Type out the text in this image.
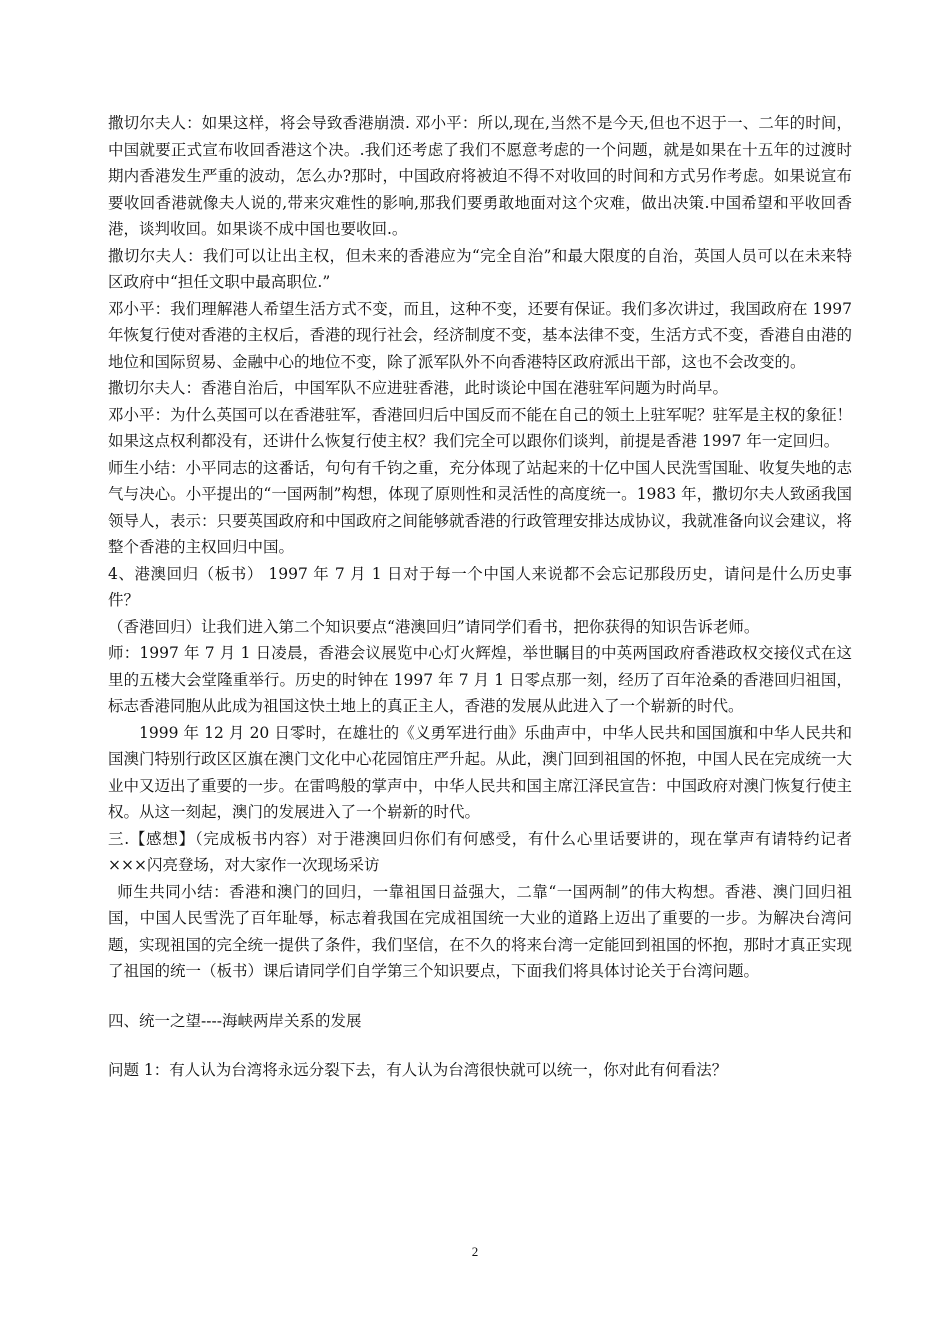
撒切尔夫人：如果这样，将会导致香港崩溃. 邓小平：所以,现在,当然不是今天,但也不迟于一、二年的时间，中国就要正式宣布收回香港这个决。.我们还考虑了我们不愿意考虑的一个问题，就是如果在十五年的过渡时期内香港发生严重的波动，怎么办?那时，中国政府将被迫不得不对收回的时间和方式另作考虑。如果说宣布要收回香港就像夫人说的,带来灾难性的影响,那我们要勇敢地面对这个灾难，做出决策.中国希望和平收回香港，谈判收回。如果谈不成中国也要收回.。

撒切尔夫人：我们可以让出主权，但未来的香港应为“完全自治”和最大限度的自治，英国人员可以在未来特区政府中“担任文职中最高职位.”

邓小平：我们理解港人希望生活方式不变，而且，这种不变，还要有保证。我们多次讲过，我国政府在 1997 年恢复行使对香港的主权后，香港的现行社会，经济制度不变，基本法律不变，生活方式不变，香港自由港的地位和国际贸易、金融中心的地位不变，除了派军队外不向香港特区政府派出干部，这也不会改变的。

撒切尔夫人：香港自治后，中国军队不应进驻香港，此时谈论中国在港驻军问题为时尚早。

邓小平：为什么英国可以在香港驻军，香港回归后中国反而不能在自己的领土上驻军呢？驻军是主权的象征！如果这点权利都没有，还讲什么恢复行使主权？我们完全可以跟你们谈判，前提是香港 1997 年一定回归。

师生小结：小平同志的这番话，句句有千钧之重，充分体现了站起来的十亿中国人民洗雪国耻、收复失地的志气与决心。小平提出的“一国两制”构想，体现了原则性和灵活性的高度统一。1983 年，撒切尔夫人致函我国领导人，表示：只要英国政府和中国政府之间能够就香港的行政管理安排达成协议，我就准备向议会建议，将整个香港的主权回归中国。

4、港澳回归（板书） 1997 年 7 月 1 日对于每一个中国人来说都不会忘记那段历史，请问是什么历史事件？

（香港回归）让我们进入第二个知识要点“港澳回归”请同学们看书，把你获得的知识告诉老师。

师：1997 年 7 月 1 日凌晨，香港会议展览中心灯火辉煌，举世瞩目的中英两国政府香港政权交接仪式在这里的五楼大会堂隆重举行。历史的时钟在 1997 年 7 月 1 日零点那一刻，经历了百年沧桑的香港回归祖国，标志香港同胞从此成为祖国这快土地上的真正主人，香港的发展从此进入了一个崭新的时代。

1999 年 12 月 20 日零时，在雄壮的《义勇军进行曲》乐曲声中，中华人民共和国国旗和中华人民共和国澳门特别行政区区旗在澳门文化中心花园馆庄严升起。从此，澳门回到祖国的怀抱，中国人民在完成统一大业中又迈出了重要的一步。在雷鸣般的掌声中，中华人民共和国主席江泽民宣告：中国政府对澳门恢复行使主权。从这一刻起，澳门的发展进入了一个崭新的时代。

三.【感想】（完成板书内容）对于港澳回归你们有何感受，有什么心里话要讲的，现在掌声有请特约记者×××闪亮登场，对大家作一次现场采访

师生共同小结：香港和澳门的回归，一靠祖国日益强大，二靠“一国两制”的伟大构想。香港、澳门回归祖国，中国人民雪洗了百年耻辱，标志着我国在完成祖国统一大业的道路上迈出了重要的一步。为解决台湾问题，实现祖国的完全统一提供了条件，我们坚信，在不久的将来台湾一定能回到祖国的怀抱，那时才真正实现了祖国的统一（板书）课后请同学们自学第三个知识要点，下面我们将具体讨论关于台湾问题。

四、统一之望----海峡两岸关系的发展

问题 1：有人认为台湾将永远分裂下去，有人认为台湾很快就可以统一，你对此有何看法？

2
